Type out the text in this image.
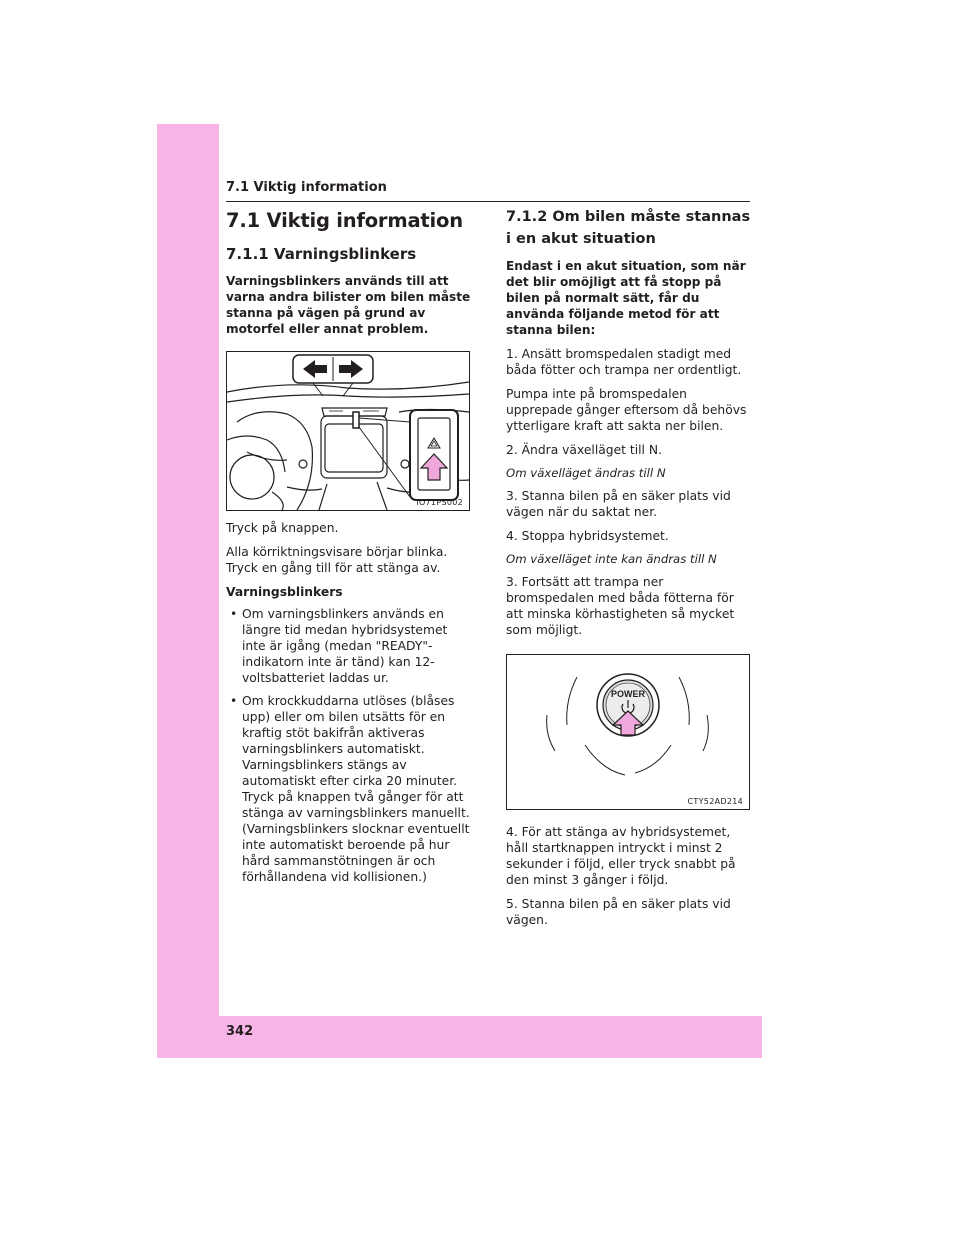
342
7.1 Viktig information
7.1 Viktig information
7.1.1 Varningsblinkers

Varningsblinkers används till att varna andra bilister om bilen måste stanna på vägen på grund av motorfel eller annat problem.

IO71PS002

Tryck på knappen.

Alla körriktningsvisare börjar blinka. Tryck en gång till för att stänga av.

Varningsblinkers

• Om varningsblinkers används en längre tid medan hybridsystemet inte är igång (medan "READY"-indikatorn inte är tänd) kan 12-voltsbatteriet laddas ur.
• Om krockkuddarna utlöses (blåses upp) eller om bilen utsätts för en kraftig stöt bakifrån aktiveras varningsblinkers automatiskt. Varningsblinkers stängs av automatiskt efter cirka 20 minuter. Tryck på knappen två gånger för att stänga av varningsblinkers manuellt. (Varningsblinkers slocknar eventuellt inte automatiskt beroende på hur hård sammanstötningen är och förhållandena vid kollisionen.)
7.1.2 Om bilen måste stannas i en akut situation

Endast i en akut situation, som när det blir omöjligt att få stopp på bilen på normalt sätt, får du använda följande metod för att stanna bilen:

1. Ansätt bromspedalen stadigt med båda fötter och trampa ner ordentligt.

Pumpa inte på bromspedalen upprepade gånger eftersom då behövs ytterligare kraft att sakta ner bilen.

2. Ändra växelläget till N.

Om växelläget ändras till N

3. Stanna bilen på en säker plats vid vägen när du saktat ner.

4. Stoppa hybridsystemet.

Om växelläget inte kan ändras till N

3. Fortsätt att trampa ner bromspedalen med båda fötterna för att minska körhastigheten så mycket som möjligt.

POWER
CTY52AD214

4. För att stänga av hybridsystemet, håll startknappen intryckt i minst 2 sekunder i följd, eller tryck snabbt på den minst 3 gånger i följd.

5. Stanna bilen på en säker plats vid vägen.
